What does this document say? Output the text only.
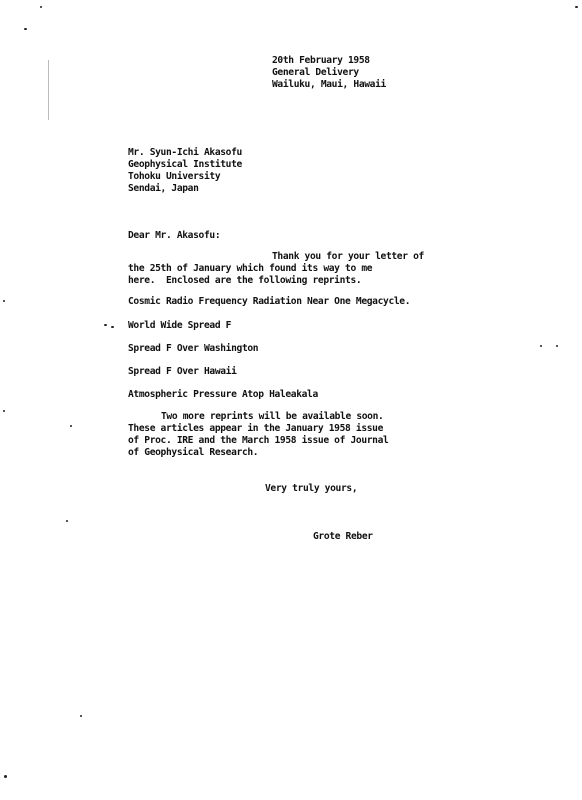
20th February 1958
General Delivery
Wailuku, Maui, Hawaii
Mr. Syun-Ichi Akasofu
Geophysical Institute
Tohoku University
Sendai, Japan
Dear Mr. Akasofu:
Thank you for your letter of
the 25th of January which found its way to me
here.  Enclosed are the following reprints.
Cosmic Radio Frequency Radiation Near One Megacycle.
World Wide Spread F
Spread F Over Washington
Spread F Over Hawaii
Atmospheric Pressure Atop Haleakala
Two more reprints will be available soon.
These articles appear in the January 1958 issue
of Proc. IRE and the March 1958 issue of Journal
of Geophysical Research.
Very truly yours,
Grote Reber
